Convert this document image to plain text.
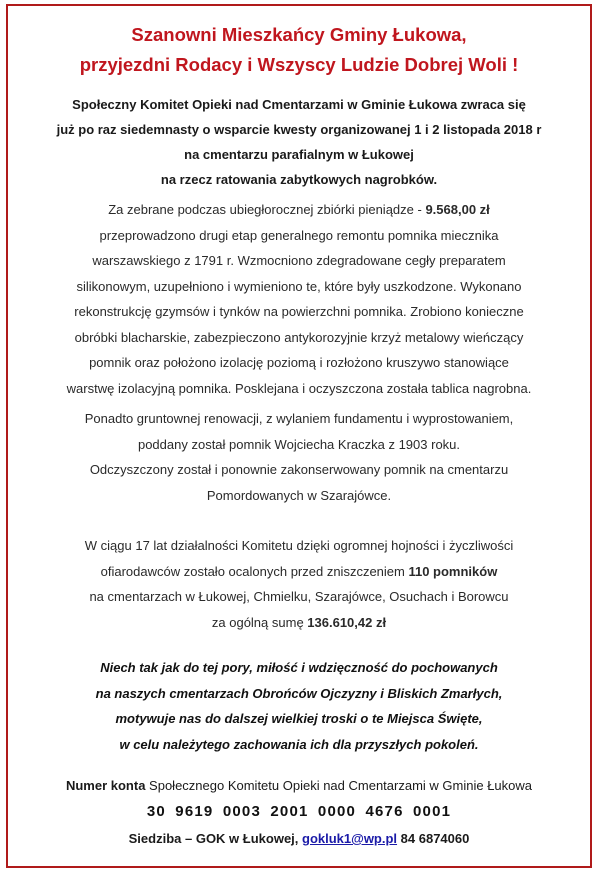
Szanowni Mieszkańcy Gminy Łukowa,
przyjezdni Rodacy i Wszyscy Ludzie Dobrej Woli !
Społeczny Komitet Opieki nad Cmentarzami w Gminie Łukowa zwraca się
już po raz siedemnasty o wsparcie kwesty organizowanej 1 i 2 listopada 2018 r
na cmentarzu parafialnym w Łukowej
na rzecz ratowania zabytkowych nagrobków.

Za zebrane podczas ubiegłorocznej zbiórki pieniądze - 9.568,00 zł
przeprowadzono drugi etap generalnego remontu pomnika miecznika
warszawskiego z 1791 r. Wzmocniono zdegradowane cegły preparatem
silikonowym, uzupełniono i wymieniono te, które były uszkodzone. Wykonano
rekonstrukcję gzymsów i tynków na powierzchni pomnika. Zrobiono konieczne
obróbki blacharskie, zabezpieczono antykorozyjnie krzyż metalowy wieńczący
pomnik oraz położono izolację poziomą i rozłożono kruszywo stanowiące
warstwę izolacyjną pomnika. Posklejana i oczyszczona została tablica nagrobna.

Ponadto gruntownej renowacji, z wylaniem fundamentu i wyprostowaniem,
poddany został pomnik Wojciecha Kraczka z 1903 roku.
Odczyszczony został i ponownie zakonserwowany pomnik na cmentarzu
Pomordowanych w Szarajówce.

W ciągu 17 lat działalności Komitetu dzięki ogromnej hojności i życzliwości
ofiarodawców zostało ocalonych przed zniszczeniem 110 pomników
na cmentarzach w Łukowej, Chmielku, Szarajówce, Osuchach i Borowcu
za ogólną sumę 136.610,42 zł

Niech tak jak do tej pory, miłość i wdzięczność do pochowanych
na naszych cmentarzach Obrońców Ojczyzny i Bliskich Zmarłych,
motywuje nas do dalszej wielkiej troski o te Miejsca Święte,
w celu należytego zachowania ich dla przyszłych pokoleń.

Numer konta Społecznego Komitetu Opieki nad Cmentarzami w Gminie Łukowa
30 9619 0003 2001 0000 4676 0001
Siedziba – GOK w Łukowej, gokluk1@wp.pl 84 6874060
